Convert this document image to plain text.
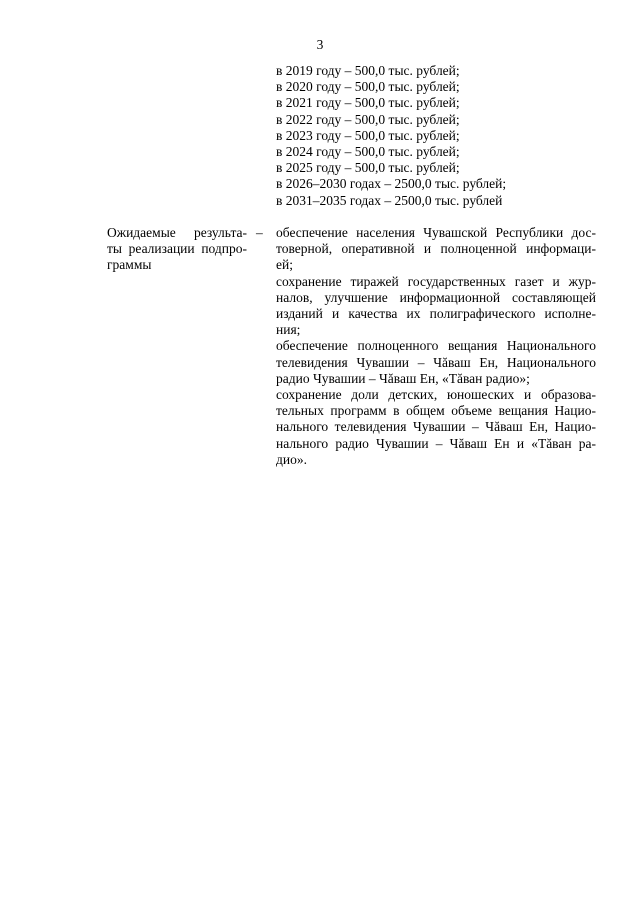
3
в 2019 году – 500,0 тыс. рублей;
в 2020 году – 500,0 тыс. рублей;
в 2021 году – 500,0 тыс. рублей;
в 2022 году – 500,0 тыс. рублей;
в 2023 году – 500,0 тыс. рублей;
в 2024 году – 500,0 тыс. рублей;
в 2025 году – 500,0 тыс. рублей;
в 2026–2030 годах – 2500,0 тыс. рублей;
в 2031–2035 годах – 2500,0 тыс. рублей
Ожидаемые результа-
ты реализации подпро-
граммы
– обеспечение населения Чувашской Республики дос-
товерной, оперативной и полноценной информаци-
ей;

сохранение тиражей государственных газет и жур-
налов, улучшение информационной составляющей
изданий и качества их полиграфического исполне-
ния;

обеспечение полноценного вещания Национального
телевидения Чувашии – Чăваш Ен, Национального
радио Чувашии – Чăваш Ен, «Тăван радио»;

сохранение доли детских, юношеских и образова-
тельных программ в общем объеме вещания Нацио-
нального телевидения Чувашии – Чăваш Ен, Нацио-
нального радио Чувашии – Чăваш Ен и «Тăван ра-
дио».
